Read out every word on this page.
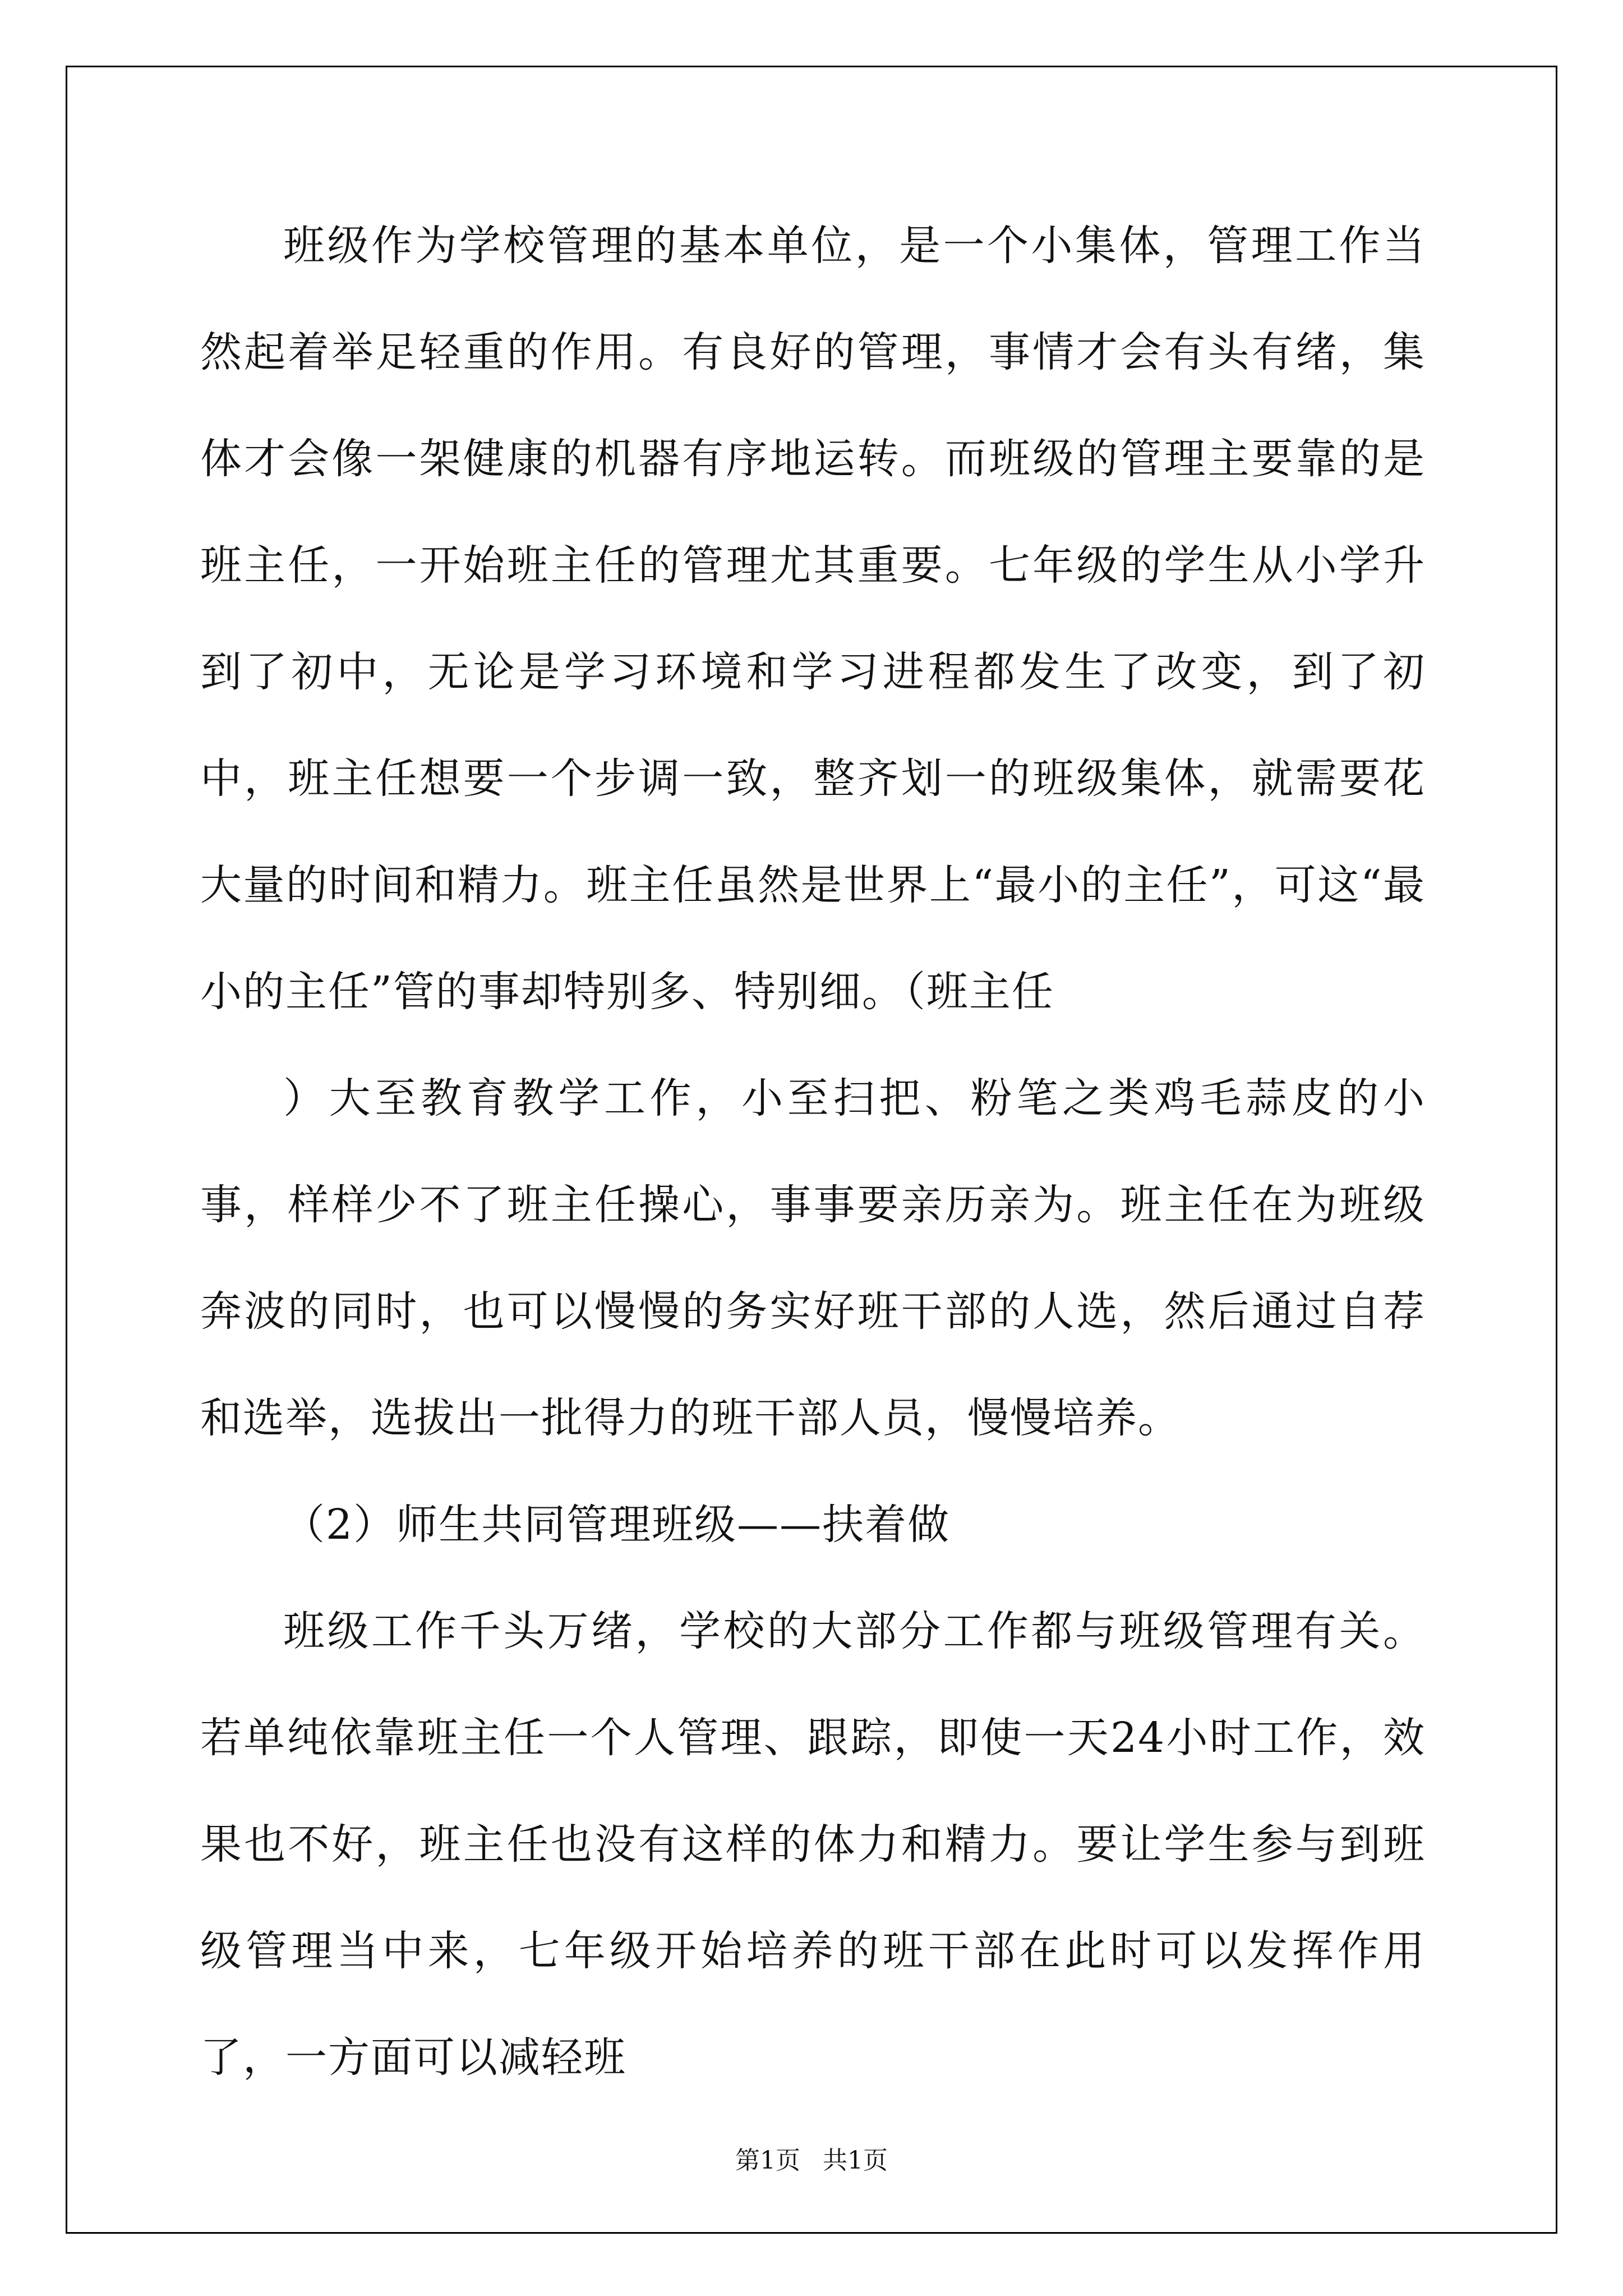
班级作为学校管理的基本单位，是一个小集体，管理工作当然起着举足轻重的作用。有良好的管理，事情才会有头有绪，集体才会像一架健康的机器有序地运转。而班级的管理主要靠的是班主任，一开始班主任的管理尤其重要。七年级的学生从小学升到了初中，无论是学习环境和学习进程都发生了改变，到了初中，班主任想要一个步调一致，整齐划一的班级集体，就需要花大量的时间和精力。班主任虽然是世界上“最小的主任”，可这“最小的主任”管的事却特别多、特别细。（班主任

）大至教育教学工作，小至扫把、粉笔之类鸡毛蒜皮的小事，样样少不了班主任操心，事事要亲历亲为。班主任在为班级奔波的同时，也可以慢慢的务实好班干部的人选，然后通过自荐和选举，选拔出一批得力的班干部人员，慢慢培养。

（2）师生共同管理班级——扶着做

班级工作千头万绪，学校的大部分工作都与班级管理有关。若单纯依靠班主任一个人管理、跟踪，即使一天24小时工作，效果也不好，班主任也没有这样的体力和精力。要让学生参与到班级管理当中来，七年级开始培养的班干部在此时可以发挥作用了，一方面可以减轻班

第1页 共1页
